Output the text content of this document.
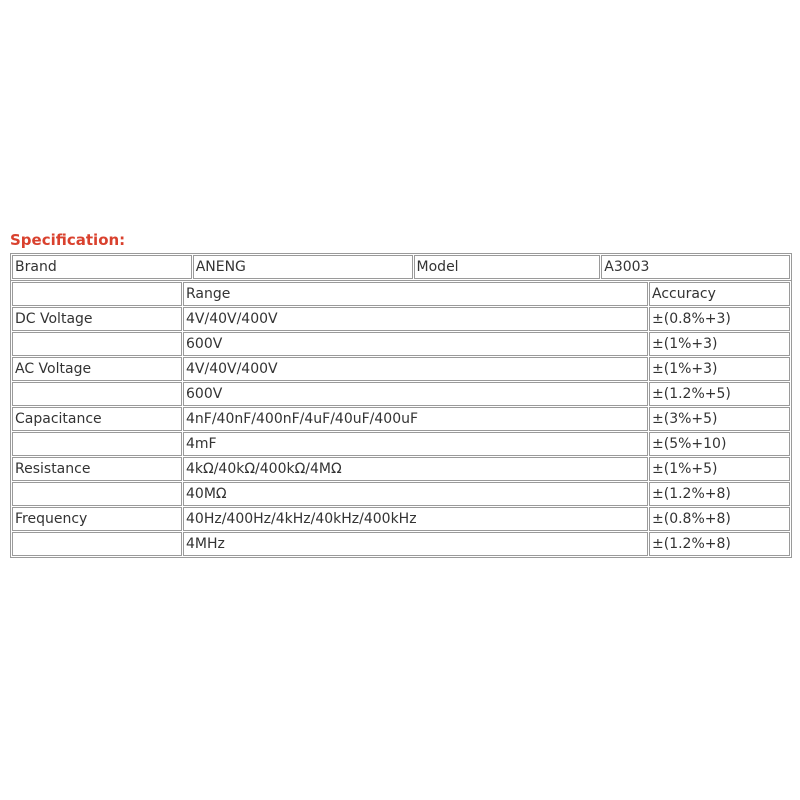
Specification:
Brand	ANENG	Model	A3003
	Range	Accuracy
DC Voltage	4V/40V/400V	±(0.8%+3)
	600V	±(1%+3)
AC Voltage	4V/40V/400V	±(1%+3)
	600V	±(1.2%+5)
Capacitance	4nF/40nF/400nF/4uF/40uF/400uF	±(3%+5)
	4mF	±(5%+10)
Resistance	4kΩ/40kΩ/400kΩ/4MΩ	±(1%+5)
	40MΩ	±(1.2%+8)
Frequency	40Hz/400Hz/4kHz/40kHz/400kHz	±(0.8%+8)
	4MHz	±(1.2%+8)
